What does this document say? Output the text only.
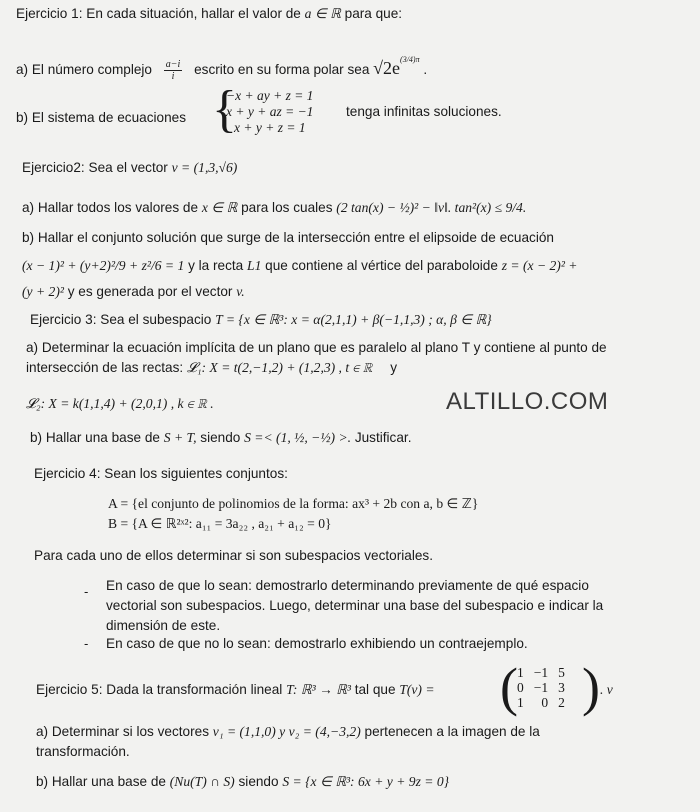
Ejercicio 1: En cada situación, hallar el valor de a ∈ ℝ para que:
a) El número complejo $\frac{a-i}{i}$ escrito en su forma polar sea $√2e^{(3/4)\pi}$ .
b) El sistema de ecuaciones {
−x + ay + z = 1
x + y + az = −1
x + y + z = 1
tenga infinitas soluciones.
Ejercicio2: Sea el vector v = (1,3,√6)
a) Hallar todos los valores de x ∈ ℝ para los cuales (2 tan(x) − ½)² − ‖v‖. tan²(x) ≤ 9/4.
b) Hallar el conjunto solución que surge de la intersección entre el elipsoide de ecuación
(x − 1)² + (y+2)²/9 + z²/6 = 1 y la recta L1 que contiene al vértice del paraboloide z = (x − 2)² +
(y + 2)² y es generada por el vector v.
Ejercicio 3: Sea el subespacio T = {x ∈ ℝ³: x = α(2,1,1) + β(−1,1,3) ; α, β ∈ ℝ}
a) Determinar la ecuación implícita de un plano que es paralelo al plano T y contiene al punto de
intersección de las rectas: 𝓛₁: X = t(2,−1,2) + (1,2,3) , t ∈ ℝ y
𝓛₂: X = k(1,1,4) + (2,0,1) , k ∈ ℝ .	ALTILLO.COM
b) Hallar una base de S + T, siendo S =< (1, ½, −½) >. Justificar.
Ejercicio 4: Sean los siguientes conjuntos:
A = {el conjunto de polinomios de la forma: ax³ + 2b con a, b ∈ ℤ}
B = {A ∈ ℝ²ˣ²: a₁₁ = 3a₂₂ , a₂₁ + a₁₂ = 0}
Para cada uno de ellos determinar si son subespacios vectoriales.
- En caso de que lo sean: demostrarlo determinando previamente de qué espacio
vectorial son subespacios. Luego, determinar una base del subespacio e indicar la
dimensión de este.
- En caso de que no lo sean: demostrarlo exhibiendo un contraejemplo.
Ejercicio 5: Dada la transformación lineal T: ℝ³ → ℝ³ tal que T(v) = ( 1	−1	5
0	−1	3
1	0	2 ) . v
a) Determinar si los vectores v₁ = (1,1,0) y v₂ = (4,−3,2) pertenecen a la imagen de la
transformación.
b) Hallar una base de (Nu(T) ∩ S) siendo S = {x ∈ ℝ³: 6x + y + 9z = 0}
